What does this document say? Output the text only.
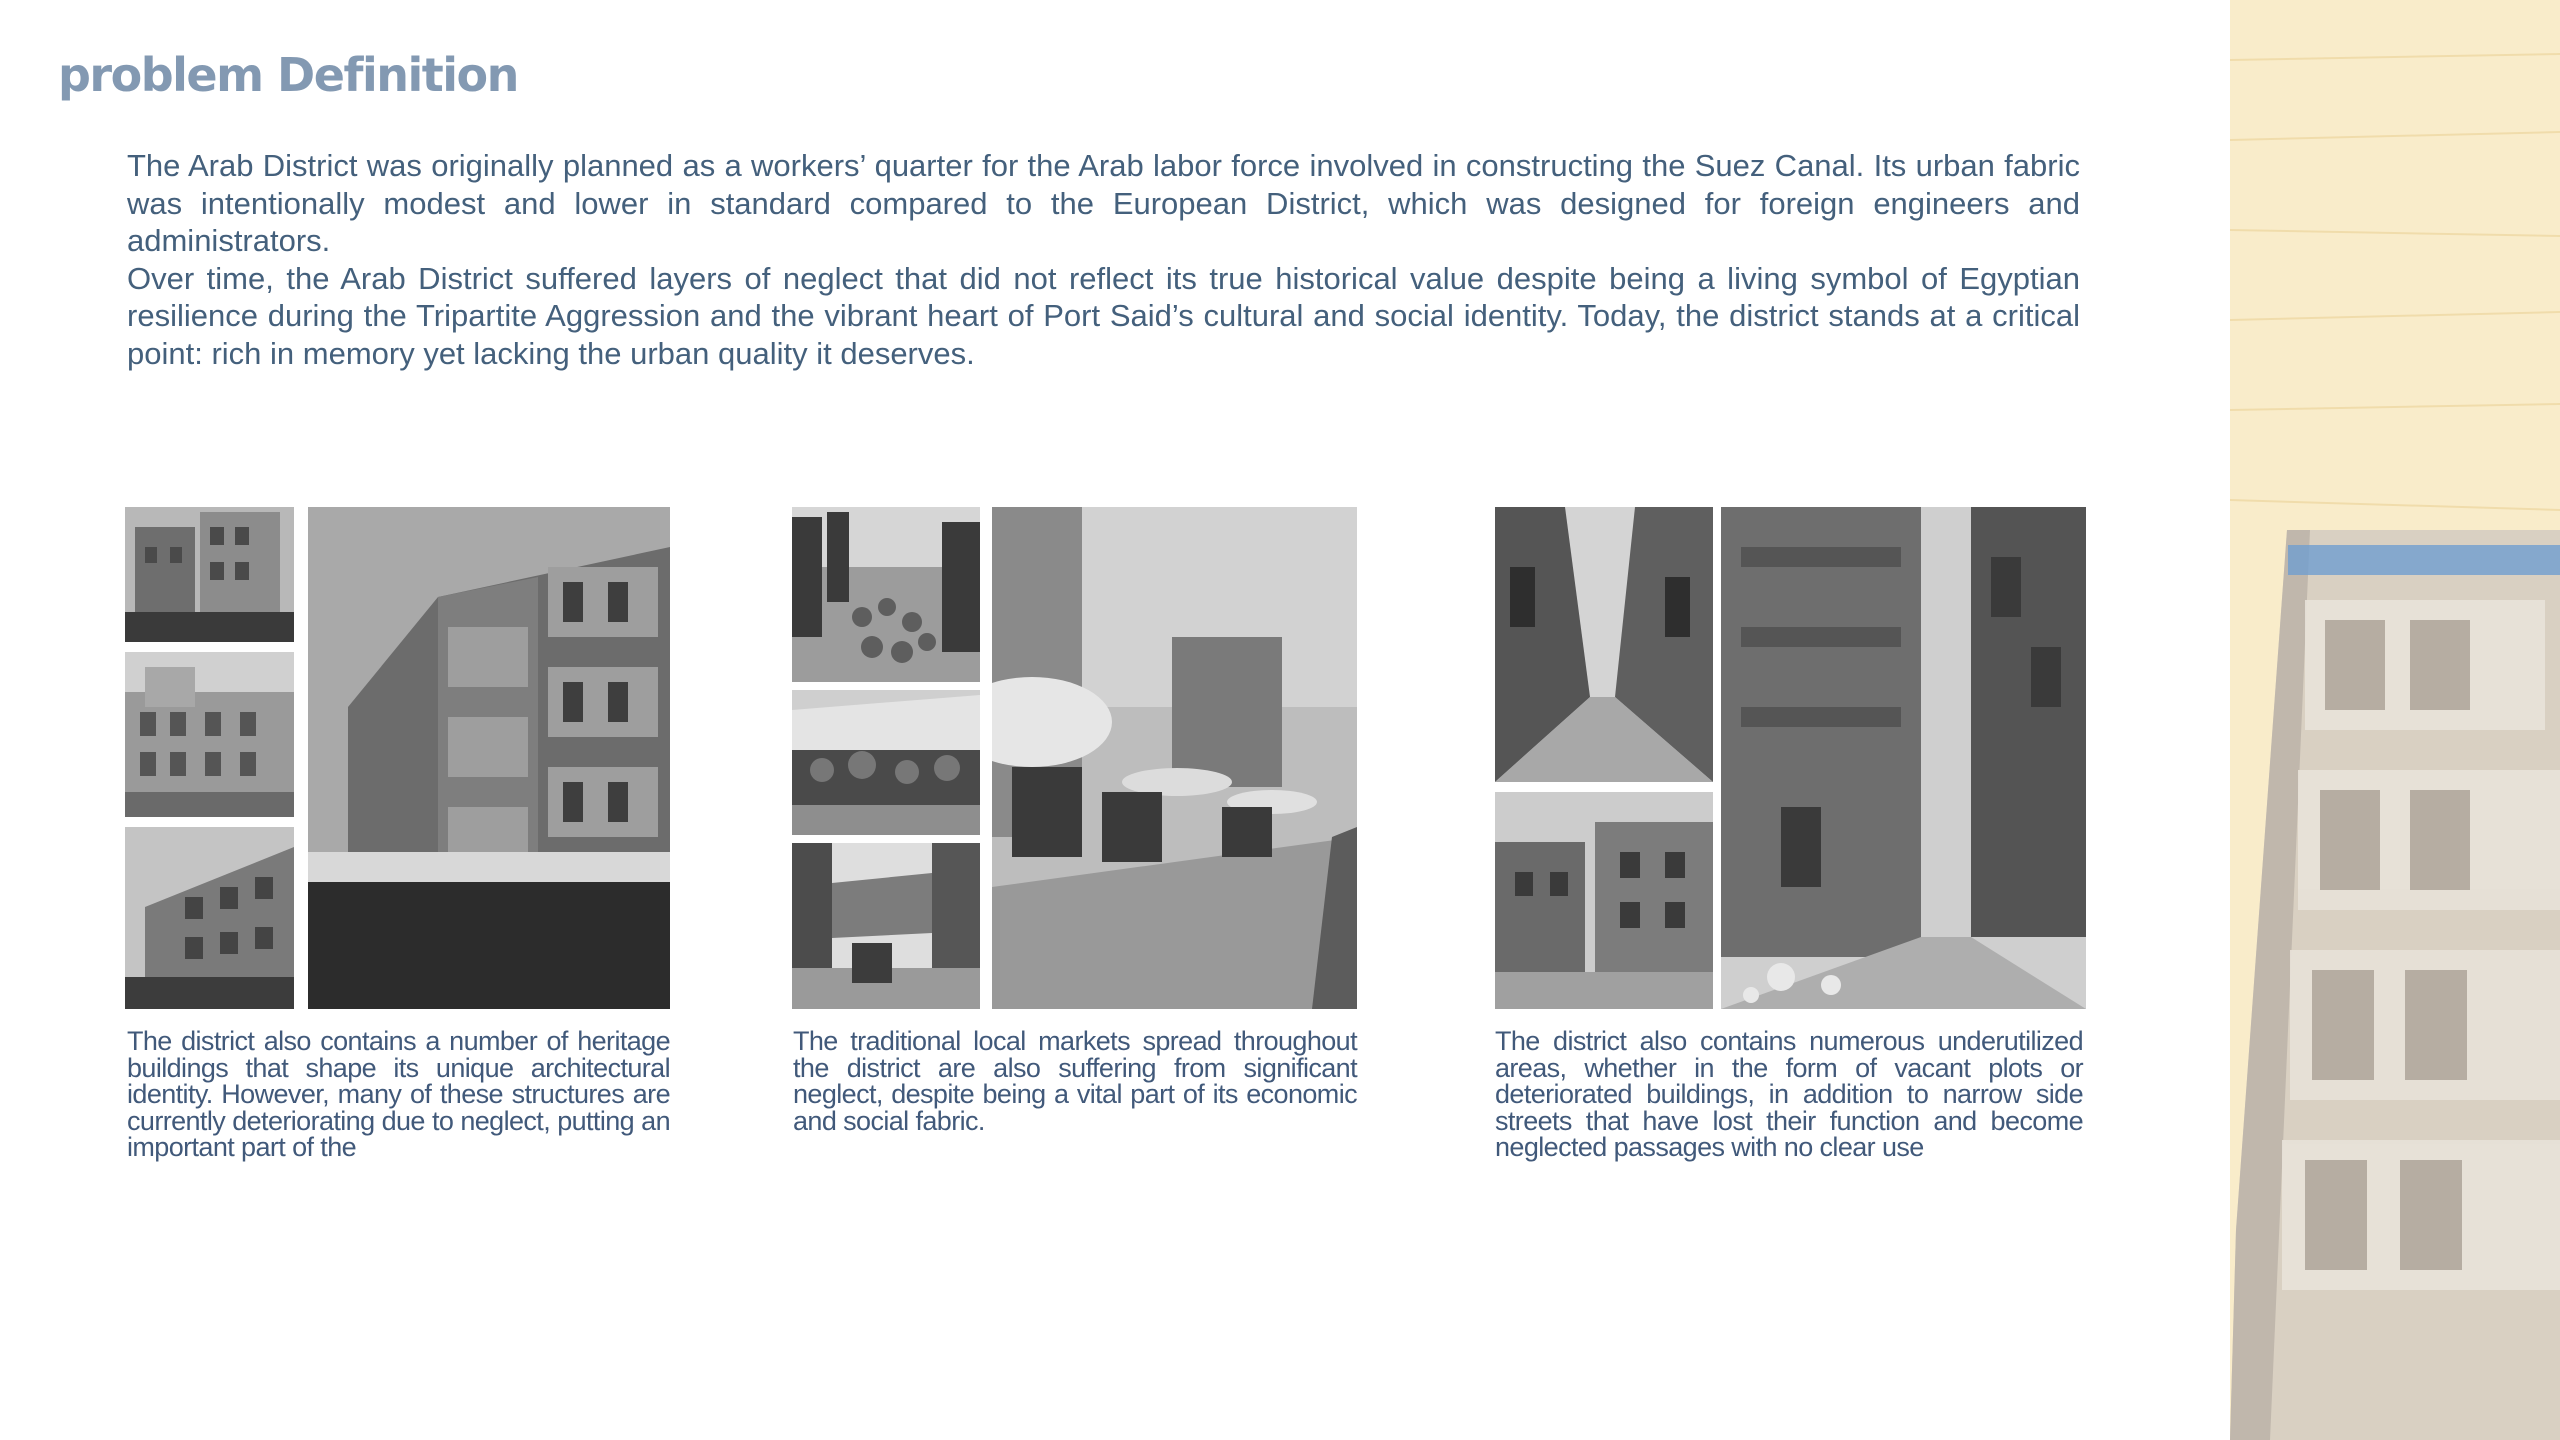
problem Definition

The Arab District was originally planned as a workers’ quarter for the Arab labor force involved in constructing the Suez Canal. Its urban fabric was intentionally modest and lower in standard compared to the European District, which was designed for foreign engineers and administrators.

Over time, the Arab District suffered layers of neglect that did not reflect its true historical value despite being a living symbol of Egyptian resilience during the Tripartite Aggression and the vibrant heart of Port Said’s cultural and social identity. Today, the district stands at a critical point: rich in memory yet lacking the urban quality it deserves.

The district also contains a number of heritage buildings that shape its unique architectural identity. However, many of these structures are currently deteriorating due to neglect, putting an important part of the

The traditional local markets spread throughout the district are also suffering from significant neglect, despite being a vital part of its economic and social fabric.

The district also contains numerous underutilized areas, whether in the form of vacant plots or deteriorated buildings, in addition to narrow side streets that have lost their function and become neglected passages with no clear use
